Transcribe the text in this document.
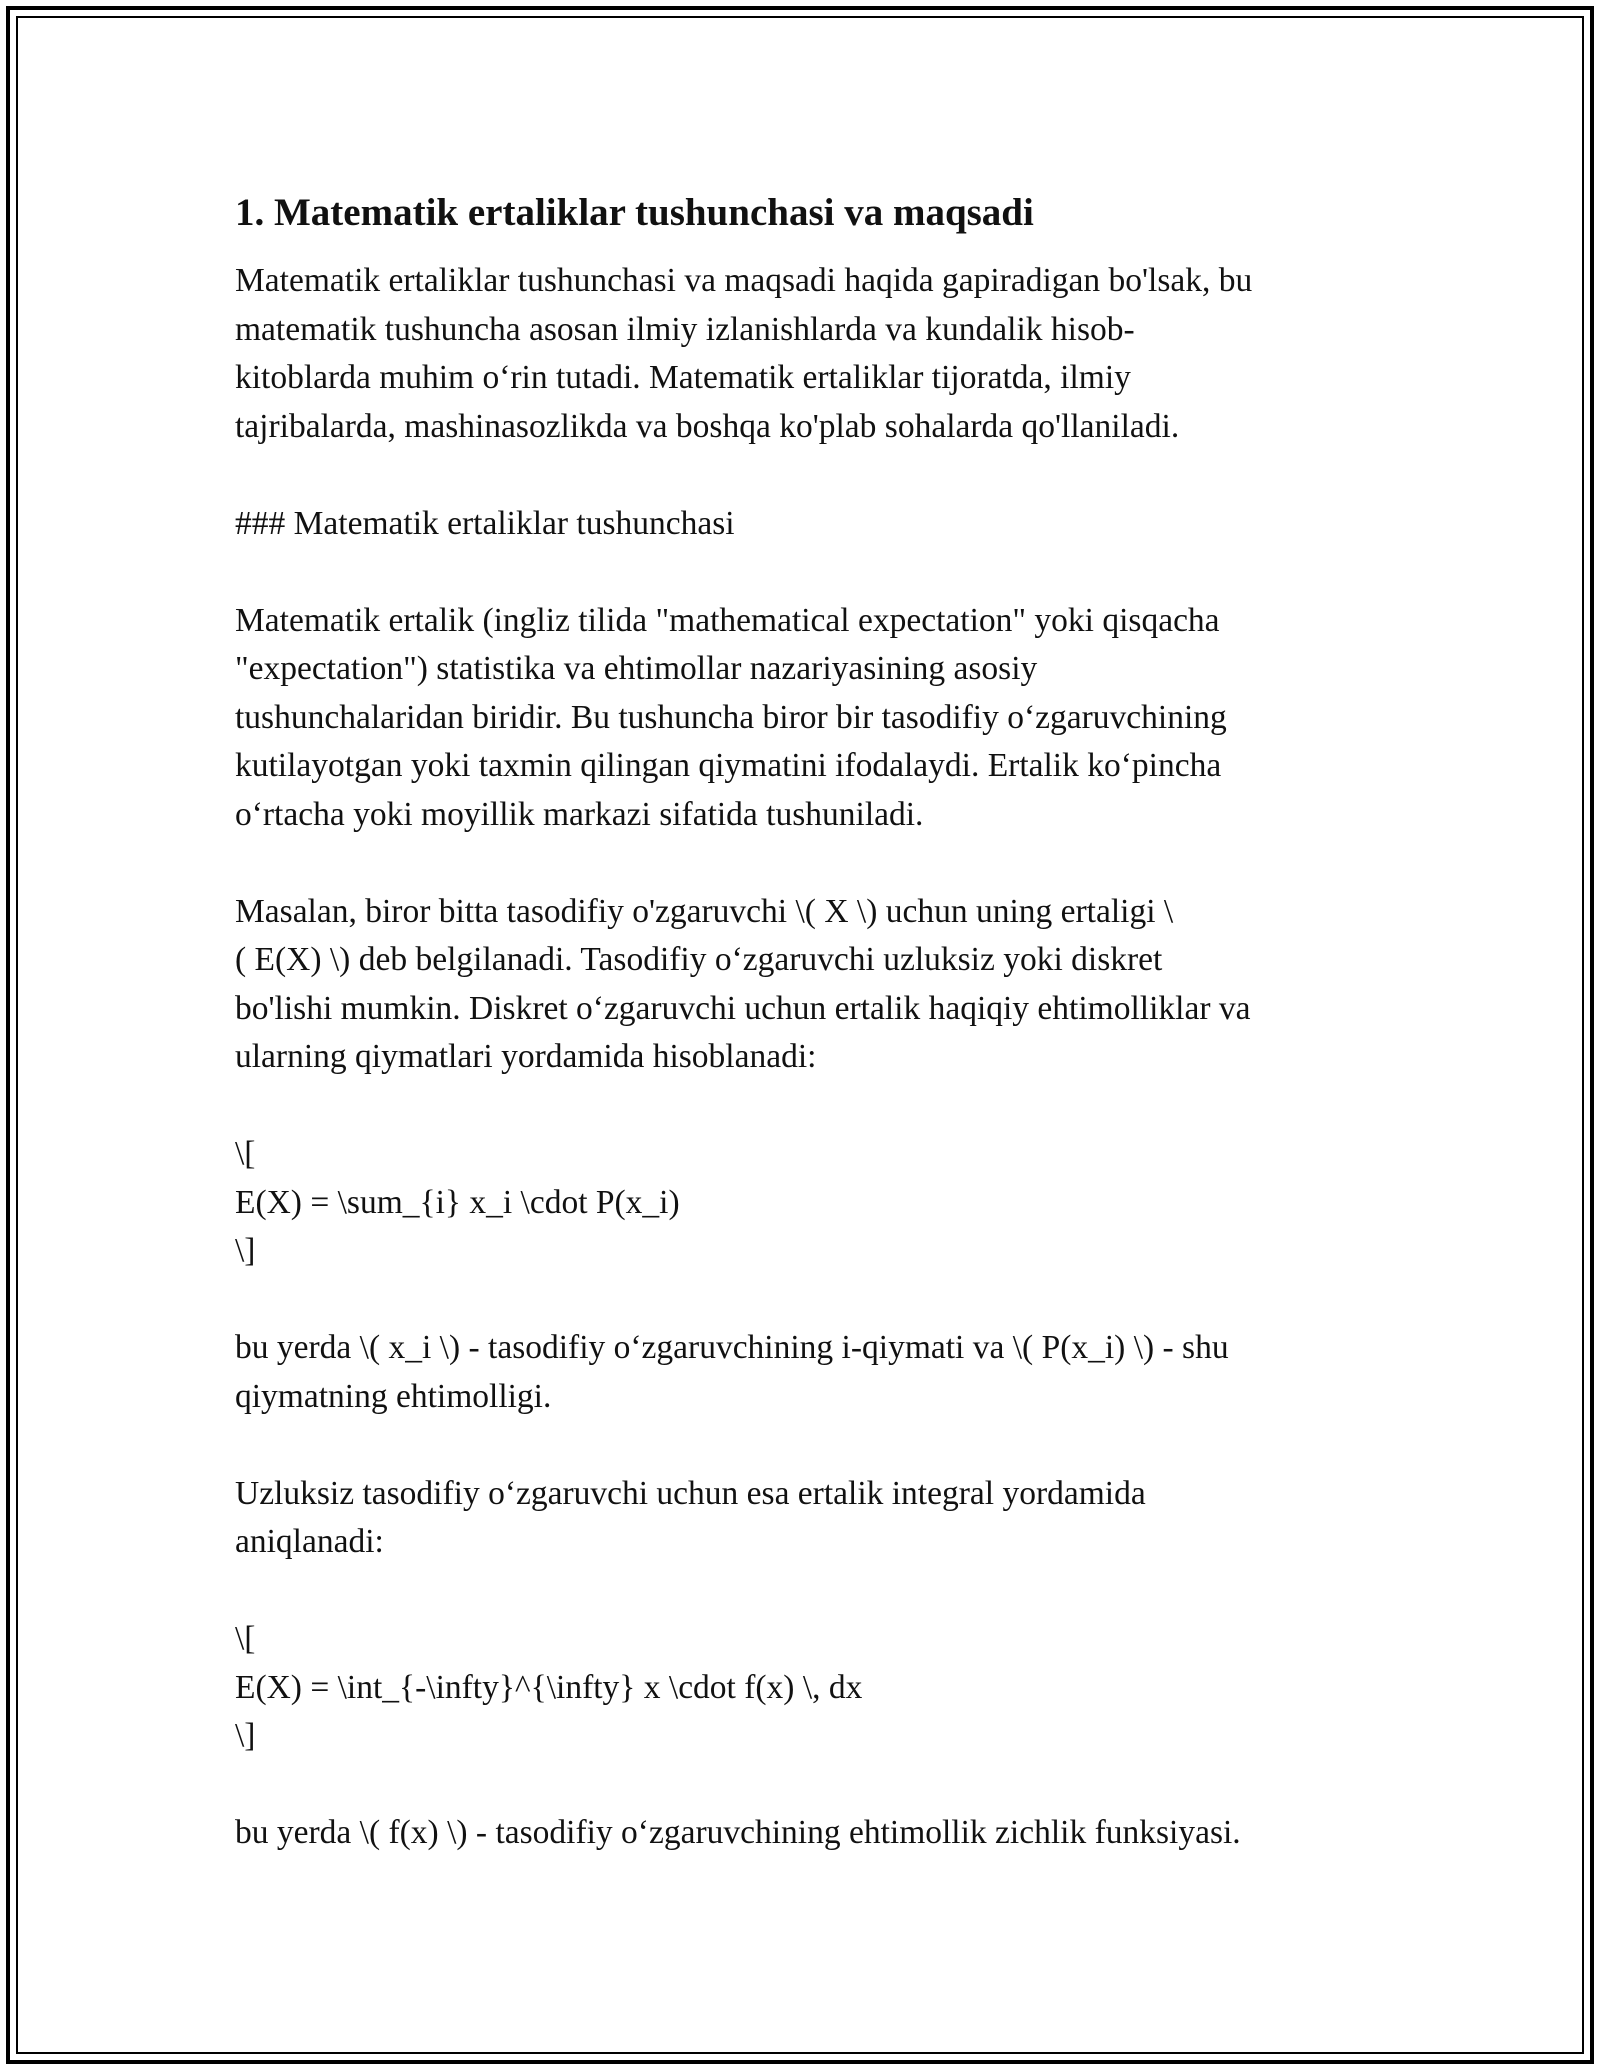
1. Matematik ertaliklar tushunchasi va maqsadi
Matematik ertaliklar tushunchasi va maqsadi haqida gapiradigan bo'lsak, bu
matematik tushuncha asosan ilmiy izlanishlarda va kundalik hisob-
kitoblarda muhim o‘rin tutadi. Matematik ertaliklar tijoratda, ilmiy
tajribalarda, mashinasozlikda va boshqa ko'plab sohalarda qo'llaniladi.
### Matematik ertaliklar tushunchasi
Matematik ertalik (ingliz tilida "mathematical expectation" yoki qisqacha
"expectation") statistika va ehtimollar nazariyasining asosiy
tushunchalaridan biridir. Bu tushuncha biror bir tasodifiy o‘zgaruvchining
kutilayotgan yoki taxmin qilingan qiymatini ifodalaydi. Ertalik ko‘pincha
o‘rtacha yoki moyillik markazi sifatida tushuniladi.
Masalan, biror bitta tasodifiy o'zgaruvchi \( X \) uchun uning ertaligi \
( E(X) \) deb belgilanadi. Tasodifiy o‘zgaruvchi uzluksiz yoki diskret
bo'lishi mumkin. Diskret o‘zgaruvchi uchun ertalik haqiqiy ehtimolliklar va
ularning qiymatlari yordamida hisoblanadi:
\[
E(X) = \sum_{i} x_i \cdot P(x_i)
\]
bu yerda \( x_i \) - tasodifiy o‘zgaruvchining i-qiymati va \( P(x_i) \) - shu
qiymatning ehtimolligi.
Uzluksiz tasodifiy o‘zgaruvchi uchun esa ertalik integral yordamida
aniqlanadi:
\[
E(X) = \int_{-\infty}^{\infty} x \cdot f(x) \, dx
\]
bu yerda \( f(x) \) - tasodifiy o‘zgaruvchining ehtimollik zichlik funksiyasi.
